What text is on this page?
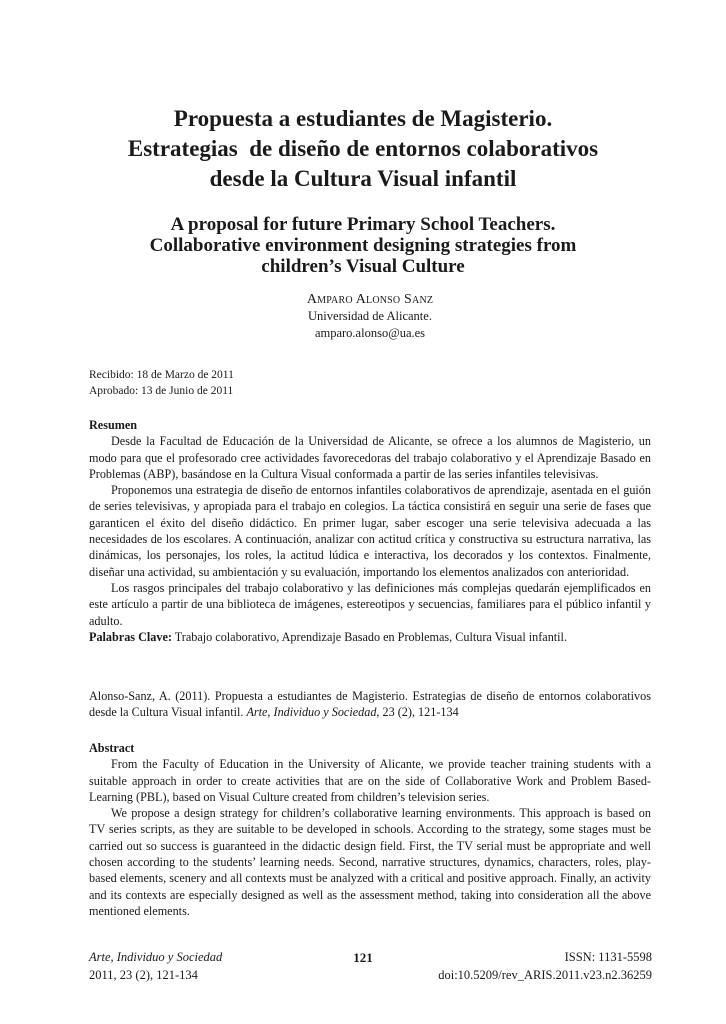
Propuesta a estudiantes de Magisterio.
Estrategias  de diseño de entornos colaborativos
desde la Cultura Visual infantil
A proposal for future Primary School Teachers.
Collaborative environment designing strategies from
children’s Visual Culture
Amparo Alonso Sanz
Universidad de Alicante.
amparo.alonso@ua.es
Recibido: 18 de Marzo de 2011
Aprobado: 13 de Junio de 2011
Resumen

Desde la Facultad de Educación de la Universidad de Alicante, se ofrece a los alumnos de Magisterio, un modo para que el profesorado cree actividades favorecedoras del trabajo colaborativo y el Aprendizaje Basado en Problemas (ABP), basándose en la Cultura Visual conformada a partir de las series infantiles televisivas.

Proponemos una estrategia de diseño de entornos infantiles colaborativos de aprendizaje, asentada en el guión de series televisivas, y apropiada para el trabajo en colegios. La táctica consistirá en seguir una serie de fases que garanticen el éxito del diseño didáctico. En primer lugar, saber escoger una serie televisiva adecuada a las necesidades de los escolares. A continuación, analizar con actitud crítica y constructiva su estructura narrativa, las dinámicas, los personajes, los roles, la actitud lúdica e interactiva, los decorados y los contextos. Finalmente, diseñar una actividad, su ambientación y su evaluación, importando los elementos analizados con anterioridad.

Los rasgos principales del trabajo colaborativo y las definiciones más complejas quedarán ejemplificados en este artículo a partir de una biblioteca de imágenes, estereotipos y secuencias, familiares para el público infantil y adulto.

Palabras Clave: Trabajo colaborativo, Aprendizaje Basado en Problemas, Cultura Visual infantil.
Alonso-Sanz, A. (2011). Propuesta a estudiantes de Magisterio. Estrategias de diseño de entornos colaborativos desde la Cultura Visual infantil. Arte, Individuo y Sociedad, 23 (2), 121-134
Abstract

From the Faculty of Education in the University of Alicante, we provide teacher training students with a suitable approach in order to create activities that are on the side of Collaborative Work and Problem Based-Learning (PBL), based on Visual Culture created from children’s television series.

We propose a design strategy for children’s collaborative learning environments. This approach is based on TV series scripts, as they are suitable to be developed in schools. According to the strategy, some stages must be carried out so success is guaranteed in the didactic design field. First, the TV serial must be appropriate and well chosen according to the students’ learning needs. Second, narrative structures, dynamics, characters, roles, play-based elements, scenery and all contexts must be analyzed with a critical and positive approach. Finally, an activity and its contexts are especially designed as well as the assessment method, taking into consideration all the above mentioned elements.

Arte, Individuo y Sociedad
2011, 23 (2), 121-134
121	ISSN: 1131-5598
doi:10.5209/rev_ARIS.2011.v23.n2.36259
